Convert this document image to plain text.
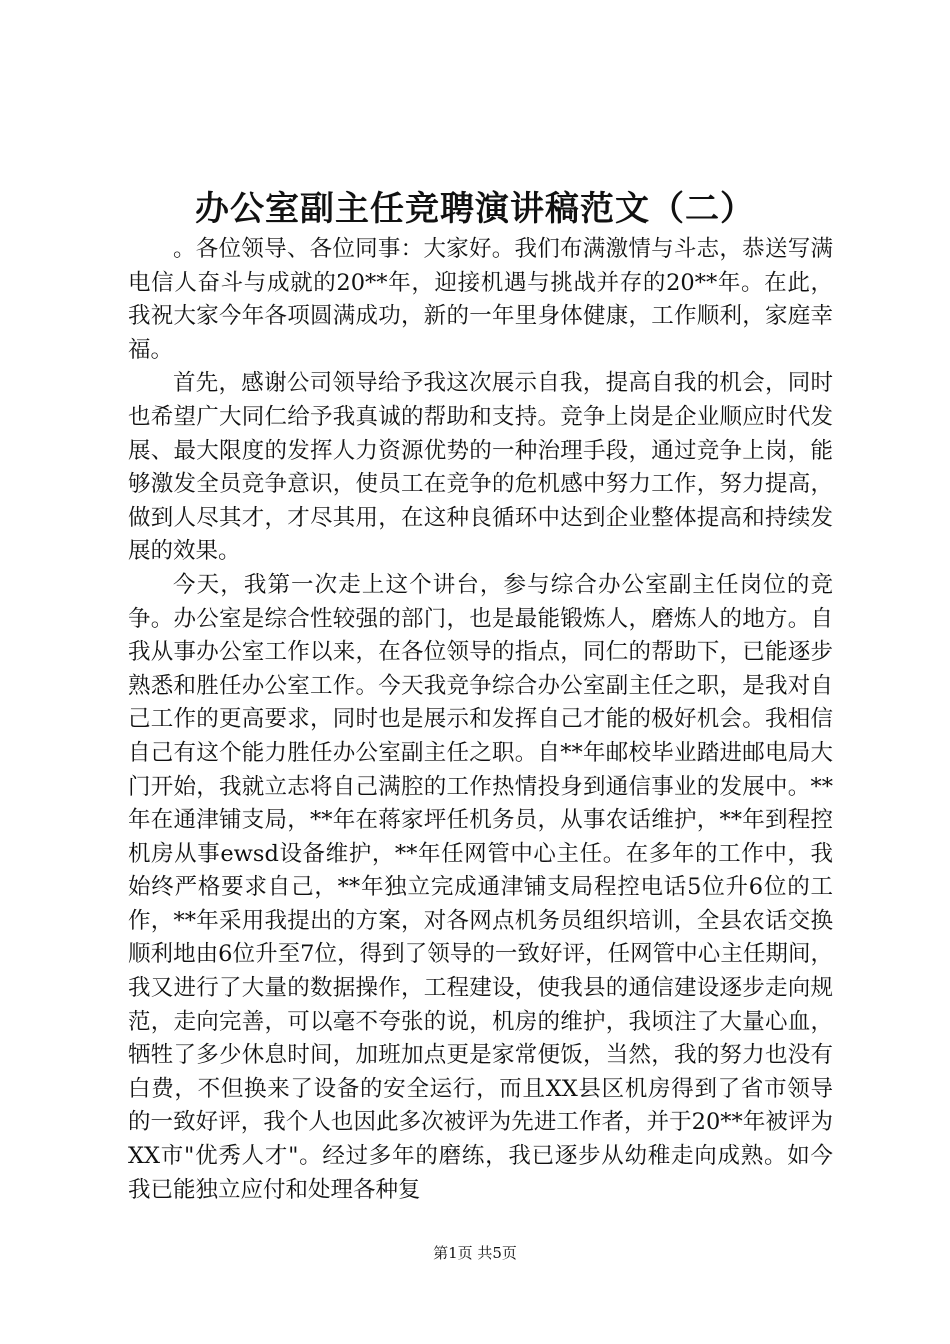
办公室副主任竞聘演讲稿范文（二）

。各位领导、各位同事：大家好。我们布满激情与斗志，恭送写满电信人奋斗与成就的20**年，迎接机遇与挑战并存的20**年。在此，我祝大家今年各项圆满成功，新的一年里身体健康，工作顺利，家庭幸福。

首先，感谢公司领导给予我这次展示自我，提高自我的机会，同时也希望广大同仁给予我真诚的帮助和支持。竞争上岗是企业顺应时代发展、最大限度的发挥人力资源优势的一种治理手段，通过竞争上岗，能够激发全员竞争意识，使员工在竞争的危机感中努力工作，努力提高，做到人尽其才，才尽其用，在这种良循环中达到企业整体提高和持续发展的效果。

今天，我第一次走上这个讲台，参与综合办公室副主任岗位的竞争。办公室是综合性较强的部门，也是最能锻炼人，磨炼人的地方。自我从事办公室工作以来，在各位领导的指点，同仁的帮助下，已能逐步熟悉和胜任办公室工作。今天我竞争综合办公室副主任之职，是我对自己工作的更高要求，同时也是展示和发挥自己才能的极好机会。我相信自己有这个能力胜任办公室副主任之职。自**年邮校毕业踏进邮电局大门开始，我就立志将自己满腔的工作热情投身到通信事业的发展中。**年在通津铺支局，**年在蒋家坪任机务员，从事农话维护，**年到程控机房从事ewsd设备维护，**年任网管中心主任。在多年的工作中，我始终严格要求自己，**年独立完成通津铺支局程控电话5位升6位的工作，**年采用我提出的方案，对各网点机务员组织培训，全县农话交换顺利地由6位升至7位，得到了领导的一致好评，任网管中心主任期间，我又进行了大量的数据操作，工程建设，使我县的通信建设逐步走向规范，走向完善，可以毫不夸张的说，机房的维护，我顷注了大量心血，牺牲了多少休息时间，加班加点更是家常便饭，当然，我的努力也没有白费，不但换来了设备的安全运行，而且XX县区机房得到了省市领导的一致好评，我个人也因此多次被评为先进工作者，并于20**年被评为XX市"优秀人才"。经过多年的磨练，我已逐步从幼稚走向成熟。如今我已能独立应付和处理各种复

第1页 共5页
